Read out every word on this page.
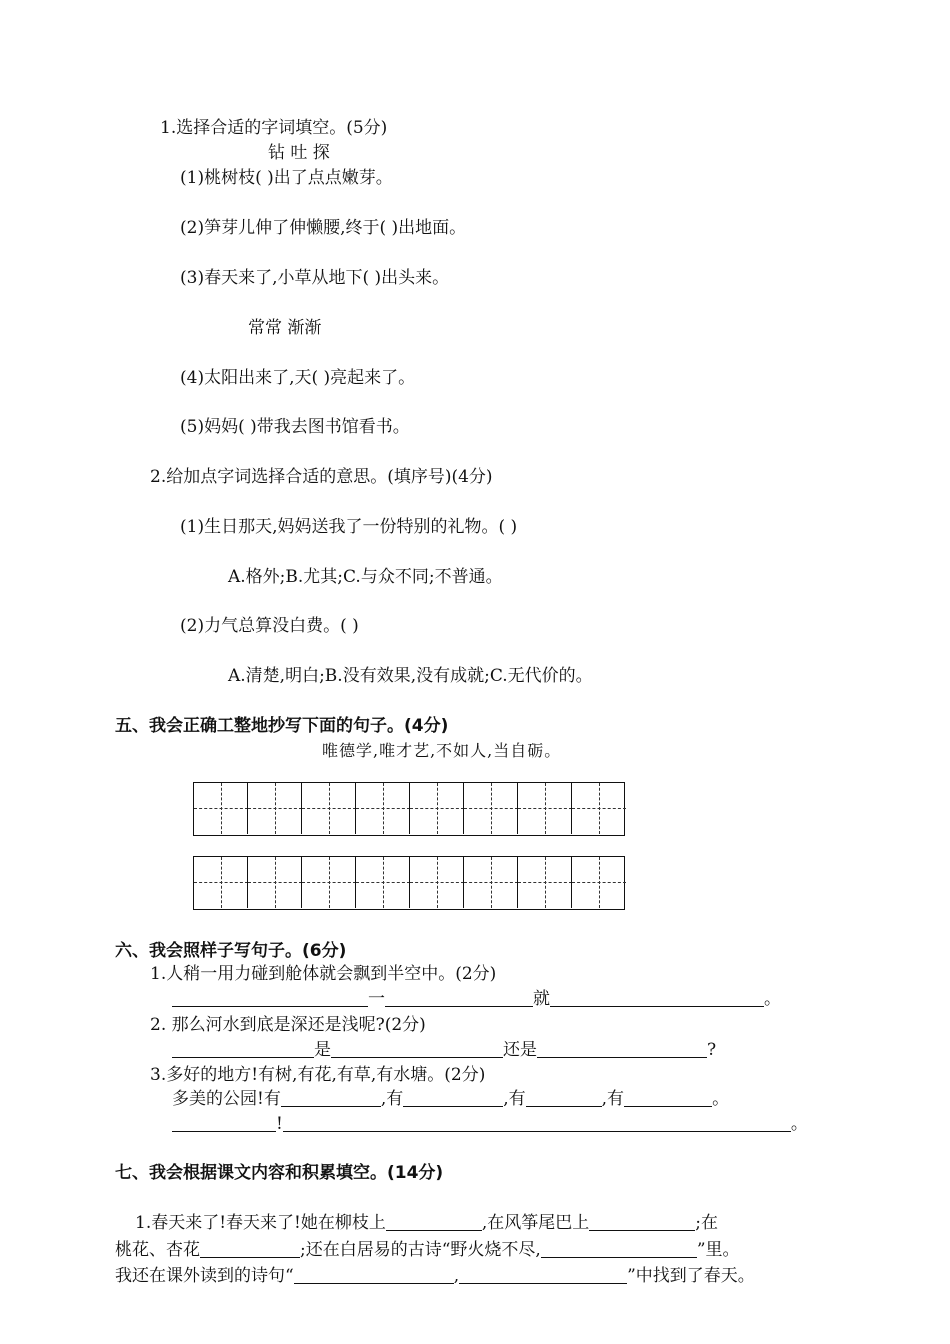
1.选择合适的字词填空。(5分)
钻 吐 探
(1)桃树枝( )出了点点嫩芽。
(2)笋芽儿伸了伸懒腰,终于( )出地面。
(3)春天来了,小草从地下( )出头来。
常常 渐渐
(4)太阳出来了,天( )亮起来了。
(5)妈妈( )带我去图书馆看书。
2.给加点字词选择合适的意思。(填序号)(4分)
(1)生日那天,妈妈送我了一份特别的礼物。( )
A.格外;B.尤其;C.与众不同;不普通。
(2)力气总算没白费。( )
A.清楚,明白;B.没有效果,没有成就;C.无代价的。
五、我会正确工整地抄写下面的句子。(4分)
唯德学,唯才艺,不如人,当自砺。
六、我会照样子写句子。(6分)
1.人稍一用力碰到舱体就会飘到半空中。(2分)
一	就	。
2. 那么河水到底是深还是浅呢?(2分)
是	还是	?
3.多好的地方!有树,有花,有草,有水塘。(2分)
多美的公园!有	,有	,有	,有	。
!	。
七、我会根据课文内容和积累填空。(14分)
1.春天来了!春天来了!她在柳枝上	,在风筝尾巴上	;在
桃花、杏花	;还在白居易的古诗“野火烧不尽,	”里。
我还在课外读到的诗句“	,	”中找到了春天。
